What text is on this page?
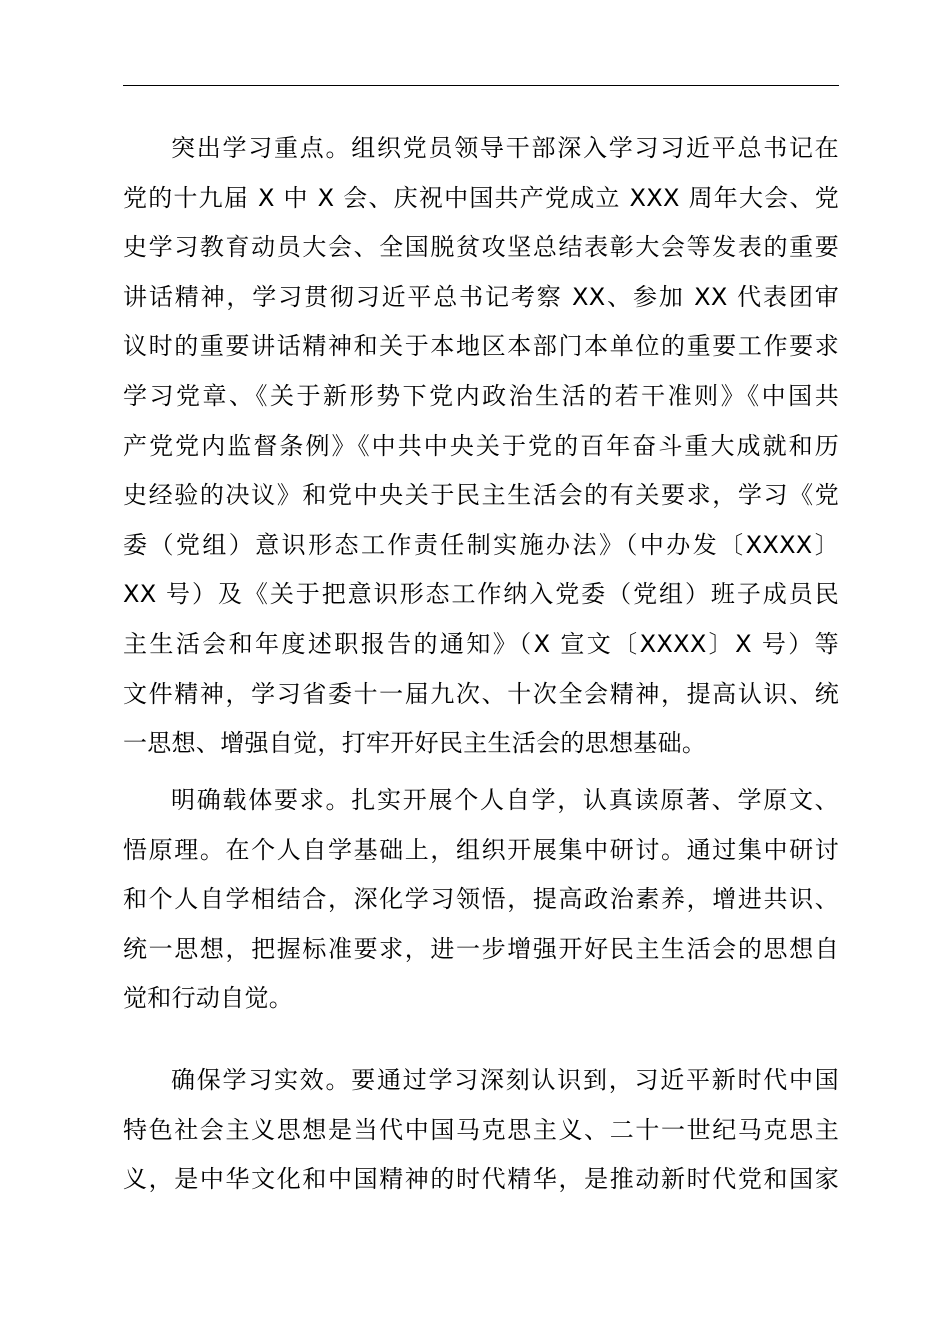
突出学习重点。组织党员领导干部深入学习习近平总书记在
党的十九届 X 中 X 会、庆祝中国共产党成立 XXX 周年大会、党
史学习教育动员大会、全国脱贫攻坚总结表彰大会等发表的重要
讲话精神，学习贯彻习近平总书记考察 XX、参加 XX 代表团审
议时的重要讲话精神和关于本地区本部门本单位的重要工作要求
学习党章、《关于新形势下党内政治生活的若干准则》《中国共
产党党内监督条例》《中共中央关于党的百年奋斗重大成就和历
史经验的决议》和党中央关于民主生活会的有关要求，学习《党
委（党组）意识形态工作责任制实施办法》（中办发〔XXXX〕
XX 号）及《关于把意识形态工作纳入党委（党组）班子成员民
主生活会和年度述职报告的通知》（X 宣文〔XXXX〕X 号）等
文件精神，学习省委十一届九次、十次全会精神，提高认识、统
一思想、增强自觉，打牢开好民主生活会的思想基础。
明确载体要求。扎实开展个人自学，认真读原著、学原文、
悟原理。在个人自学基础上，组织开展集中研讨。通过集中研讨
和个人自学相结合，深化学习领悟，提高政治素养，增进共识、
统一思想，把握标准要求，进一步增强开好民主生活会的思想自
觉和行动自觉。
确保学习实效。要通过学习深刻认识到，习近平新时代中国
特色社会主义思想是当代中国马克思主义、二十一世纪马克思主
义，是中华文化和中国精神的时代精华，是推动新时代党和国家
